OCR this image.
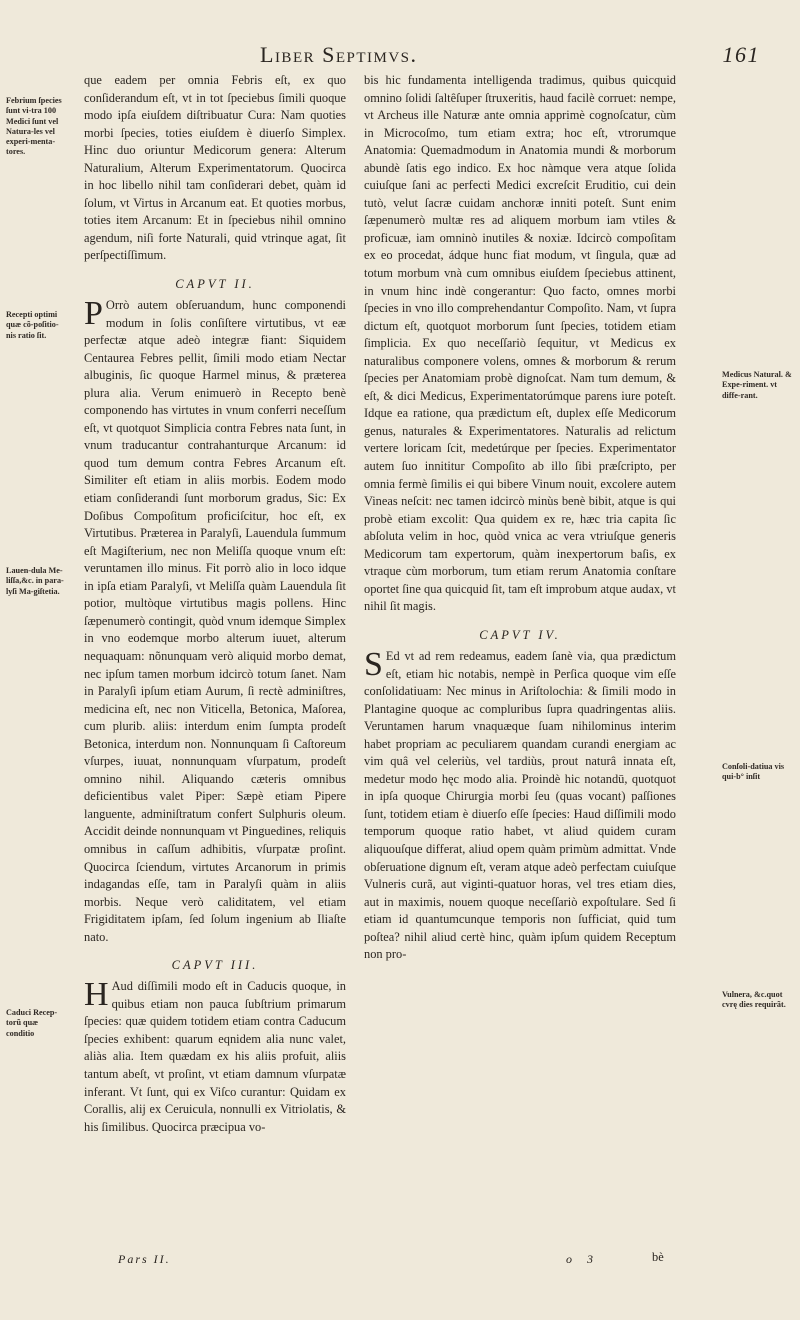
Liber Septimvs.	161
Febrium ſpecies ſunt vi-tra 100 Medici ſunt vel Natura-les vel experi-menta-tores.
Recepti optimi quæ cõ-poſitio-nis ratio ſit.
Lauen-dula Me-liſſa,&c. in para-lyſi Ma-giſtetia.
Caduci Recep-torũ quæ conditio
Medicus Natural. & Expe-riment. vt diffe-rant.
Conſoli-datiua vis qui-b° inſit
Vulnera, &c.quot cvrę dies requirãt.

que eadem per omnia Febris eſt, ex quo conſiderandum eſt, vt in tot ſpeciebus ſimili quoque modo ipſa eiuſdem diſtribuatur Cura: Nam quoties morbi ſpecies, toties eiuſdem è diuerſo Simplex. Hinc duo oriuntur Medicorum genera: Alterum Naturalium, Alterum Experimentatorum. Quocirca in hoc libello nihil tam conſiderari debet, quàm id ſolum, vt Virtus in Arcanum eat. Et quoties morbus, toties item Arcanum: Et in ſpeciebus nihil omnino agendum, niſi forte Naturali, quid vtrinque agat, ſit perſpectiſſimum.

CAPVT II.

P Orrò autem obſeruandum, hunc componendi modum in ſolis conſiſtere virtutibus, vt eæ perfectæ atque adeò integræ fiant: Siquidem Centaurea Febres pellit, ſimili modo etiam Nectar albuginis, ſic quoque Harmel minus, & præterea plura alia. Verum enimuerò in Recepto benè componendo has virtutes in vnum conferri neceſſum eſt, vt quotquot Simplicia contra Febres nata ſunt, in vnum traducantur contrahanturque Arcanum: id quod tum demum contra Febres Arcanum eſt. Similiter eſt etiam in aliis morbis. Eodem modo etiam conſiderandi ſunt morborum gradus, Sic: Ex Doſibus Compoſitum proficiſcitur, hoc eſt, ex Virtutibus. Præterea in Paralyſi, Lauendula ſummum eſt Magiſterium, nec non Meliſſa quoque vnum eſt: veruntamen illo minus. Fit porrò alio in loco idque in ipſa etiam Paralyſi, vt Meliſſa quàm Lauendula ſit potior, multòque virtutibus magis pollens. Hinc ſæpenumerò contingit, quòd vnum idemque Simplex in vno eodemque morbo alterum iuuet, alterum nequaquam: nõnunquam verò aliquid morbo demat, nec ipſum tamen morbum idcircò totum ſanet. Nam in Paralyſi ipſum etiam Aurum, ſi rectè adminiſtres, medicina eſt, nec non Viticella, Betonica, Maſorea, cum plurib. aliis: interdum enim ſumpta prodeſt Betonica, interdum non. Nonnunquam ſi Caſtoreum vſurpes, iuuat, nonnunquam vſurpatum, prodeſt omnino nihil. Aliquando cæteris omnibus deficientibus valet Piper: Sæpè etiam Pipere languente, adminiſtratum confert Sulphuris oleum. Accidit deinde nonnunquam vt Pinguedines, reliquis omnibus in caſſum adhibitis, vſurpatæ proſint. Quocirca ſciendum, virtutes Arcanorum in primis indagandas eſſe, tam in Paralyſi quàm in aliis morbis. Neque verò caliditatem, vel etiam Frigiditatem ipſam, ſed ſolum ingenium ab Iliaſte nato.

CAPVT III.

H Aud diſſimili modo eſt in Caducis quoque, in quibus etiam non pauca ſubſtrium primarum ſpecies: quæ quidem totidem etiam contra Caducum ſpecies exhibent: quarum eqnidem alia nunc valet, aliàs alia. Item quædam ex his aliis profuit, aliis tantum abeſt, vt proſint, vt etiam damnum vſurpatæ inferant. Vt ſunt, qui ex Viſco curantur: Quidam ex Corallis, alij ex Ceruicula, nonnulli ex Vitriolatis, & his ſimilibus. Quocirca præcipua vo-

Pars II.

bis hic fundamenta intelligenda tradimus, quibus quicquid omnino ſolidi ſaltêſuper ſtruxeritis, haud facilè corruet: nempe, vt Archeus ille Naturæ ante omnia apprimè cognoſcatur, cùm in Microcoſmo, tum etiam extra; hoc eſt, vtrorumque Anatomia: Quemadmodum in Anatomia mundi & morborum abundè ſatis ego indico. Ex hoc nàmque vera atque ſolida cuiuſque ſani ac perfecti Medici excreſcit Eruditio, cui dein tutò, velut ſacræ cuidam anchoræ inniti poteſt. Sunt enim ſæpenumerò multæ res ad aliquem morbum iam vtiles & proficuæ, iam omninò inutiles & noxiæ. Idcircò compoſitam ex eo procedat, ádque hunc fiat modum, vt ſingula, quæ ad totum morbum vnà cum omnibus eiuſdem ſpeciebus attinent, in vnum hinc indè congerantur: Quo facto, omnes morbi ſpecies in vno illo comprehendantur Compoſito. Nam, vt ſupra dictum eſt, quotquot morborum ſunt ſpecies, totidem etiam ſimplicia. Ex quo neceſſariò ſequitur, vt Medicus ex naturalibus componere volens, omnes & morborum & rerum ſpecies per Anatomiam probè dignoſcat. Nam tum demum, & eſt, & dici Medicus, Experimentatorúmque parens iure poteſt. Idque ea ratione, qua prædictum eſt, duplex eſſe Medicorum genus, naturales & Experimentatores. Naturalis ad relictum vertere loricam ſcit, medetúrque per ſpecies. Experimentator autem ſuo innititur Compoſito ab illo ſibi præſcripto, per omnia fermè ſimilis ei qui bibere Vinum nouit, excolere autem Vineas neſcit: nec tamen idcircò minùs benè bibit, atque is qui probè etiam excolit: Qua quidem ex re, hæc tria capita ſic abſoluta velim in hoc, quòd vnica ac vera vtriuſque generis Medicorum tam expertorum, quàm inexpertorum baſis, ex vtraque cùm morborum, tum etiam rerum Anatomia conſtare oportet ſine qua quicquid ſit, tam eſt improbum atque audax, vt nihil ſit magis.

CAPVT IV.

S Ed vt ad rem redeamus, eadem ſanè via, qua prædictum eſt, etiam hic notabis, nempè in Perſica quoque vim eſſe conſolidatiuam: Nec minus in Ariſtolochia: & ſimili modo in Plantagine quoque ac compluribus ſupra quadringentas aliis. Veruntamen harum vnaquæque ſuam nihilominus interim habet propriam ac peculiarem quandam curandi energiam ac vim quâ vel celeriùs, vel tardiùs, prout naturâ innata eſt, medetur modo hęc modo alia. Proindè hic notandū, quotquot in ipſa quoque Chirurgia morbi ſeu (quas vocant) paſſiones ſunt, totidem etiam è diuerſo eſſe ſpecies: Haud diſſimili modo temporum quoque ratio habet, vt aliud quidem curam aliquouſque differat, aliud opem quàm primùm admittat. Vnde obſeruatione dignum eſt, veram atque adeò perfectam cuiuſque Vulneris curã, aut viginti-quatuor horas, vel tres etiam dies, aut in maximis, nouem quoque neceſſariò expoſtulare. Sed ſi etiam id quantumcunque temporis non ſufficiat, quid tum poſtea? nihil aliud certè hinc, quàm ipſum quidem Receptum non pro-

o 3	bè
